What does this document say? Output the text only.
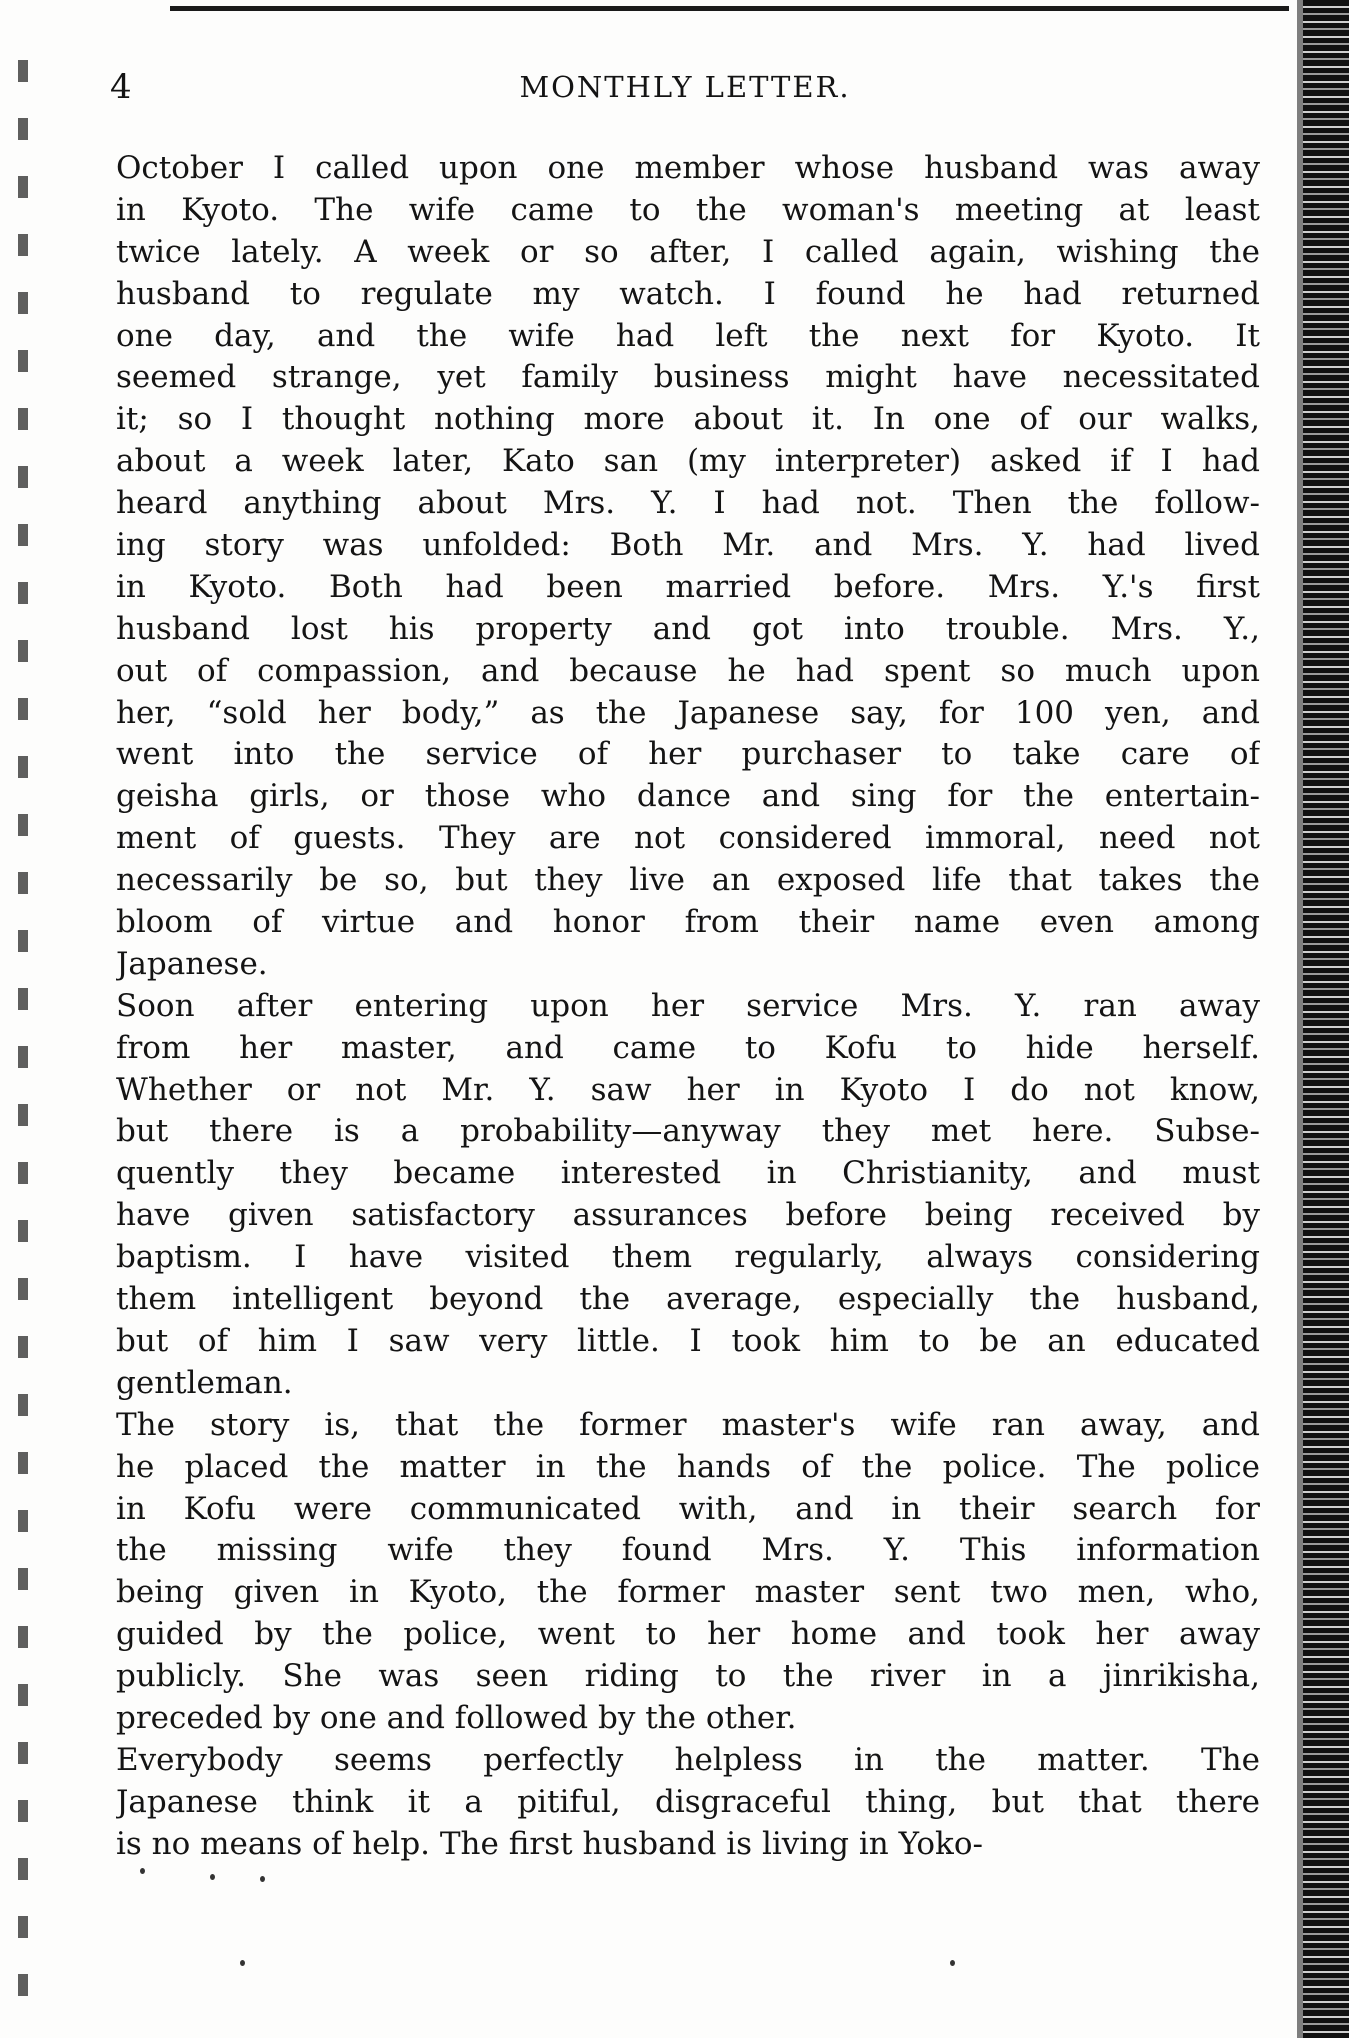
4	MONTHLY LETTER.
October I called upon one member whose husband was away
in Kyoto. The wife came to the woman's meeting at least
twice lately. A week or so after, I called again, wishing the
husband to regulate my watch. I found he had returned
one day, and the wife had left the next for Kyoto. It
seemed strange, yet family business might have necessitated
it; so I thought nothing more about it. In one of our walks,
about a week later, Kato san (my interpreter) asked if I had
heard anything about Mrs. Y. I had not. Then the follow-
ing story was unfolded: Both Mr. and Mrs. Y. had lived
in Kyoto. Both had been married before. Mrs. Y.'s first
husband lost his property and got into trouble. Mrs. Y.,
out of compassion, and because he had spent so much upon
her, “sold her body,” as the Japanese say, for 100 yen, and
went into the service of her purchaser to take care of
geisha girls, or those who dance and sing for the entertain-
ment of guests. They are not considered immoral, need not
necessarily be so, but they live an exposed life that takes the
bloom of virtue and honor from their name even among
Japanese.
Soon after entering upon her service Mrs. Y. ran away
from her master, and came to Kofu to hide herself.
Whether or not Mr. Y. saw her in Kyoto I do not know,
but there is a probability—anyway they met here. Subse-
quently they became interested in Christianity, and must
have given satisfactory assurances before being received by
baptism. I have visited them regularly, always considering
them intelligent beyond the average, especially the husband,
but of him I saw very little. I took him to be an educated
gentleman.
The story is, that the former master's wife ran away, and
he placed the matter in the hands of the police. The police
in Kofu were communicated with, and in their search for
the missing wife they found Mrs. Y. This information
being given in Kyoto, the former master sent two men, who,
guided by the police, went to her home and took her away
publicly. She was seen riding to the river in a jinrikisha,
preceded by one and followed by the other.
Everybody seems perfectly helpless in the matter. The
Japanese think it a pitiful, disgraceful thing, but that there
is no means of help. The first husband is living in Yoko-
